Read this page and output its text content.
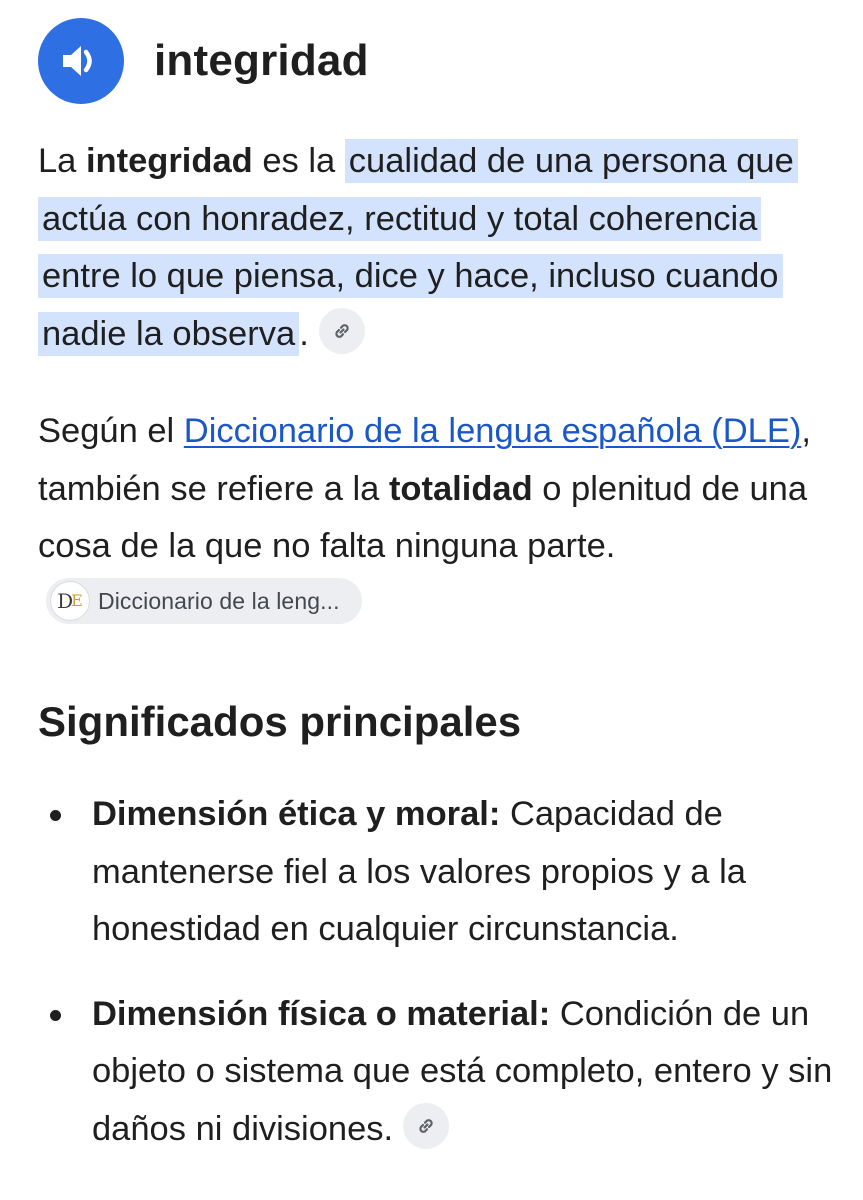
integridad

La integridad es la cualidad de una persona que actúa con honradez, rectitud y total coherencia entre lo que piensa, dice y hace, incluso cuando nadie la observa .

Según el Diccionario de la lengua española (DLE), también se refiere a la totalidad o plenitud de una cosa de la que no falta ninguna parte.
D
E Diccionario de la leng...

Significados principales
Dimensión ética y moral: Capacidad de mantenerse fiel a los valores propios y a la honestidad en cualquier circunstancia.
Dimensión física o material: Condición de un objeto o sistema que está completo, entero y sin daños ni divisiones.
